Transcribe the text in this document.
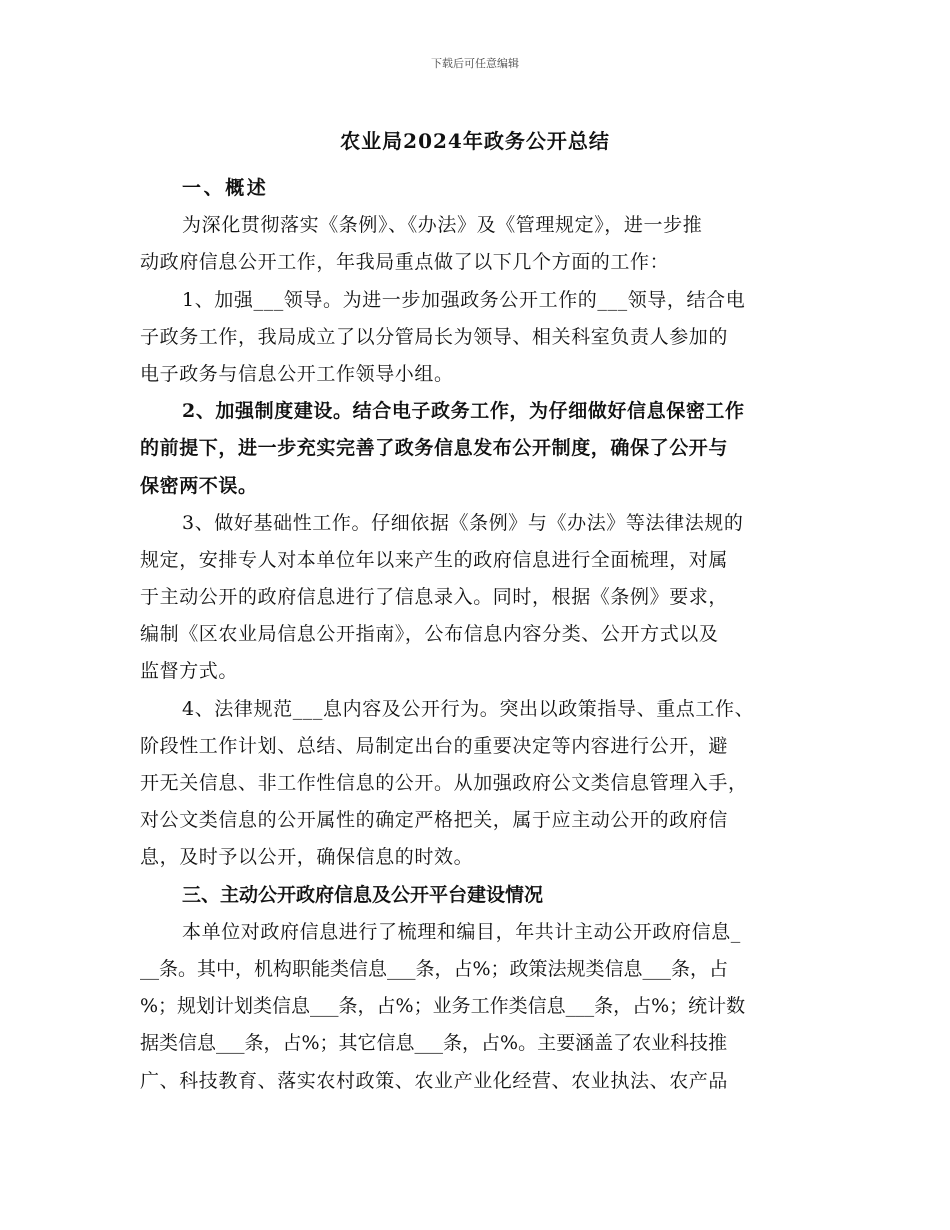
下载后可任意编辑
农业局2024年政务公开总结
一、概述
为深化贯彻落实《条例》、《办法》及《管理规定》，进一步推
动政府信息公开工作，年我局重点做了以下几个方面的工作：
1、加强___领导。为进一步加强政务公开工作的___领导，结合电
子政务工作，我局成立了以分管局长为领导、相关科室负责人参加的
电子政务与信息公开工作领导小组。
2、加强制度建设。结合电子政务工作，为仔细做好信息保密工作
的前提下，进一步充实完善了政务信息发布公开制度，确保了公开与
保密两不误。
3、做好基础性工作。仔细依据《条例》与《办法》等法律法规的
规定，安排专人对本单位年以来产生的政府信息进行全面梳理，对属
于主动公开的政府信息进行了信息录入。同时，根据《条例》要求，
编制《区农业局信息公开指南》，公布信息内容分类、公开方式以及
监督方式。
4、法律规范___息内容及公开行为。突出以政策指导、重点工作、
阶段性工作计划、总结、局制定出台的重要决定等内容进行公开，避
开无关信息、非工作性信息的公开。从加强政府公文类信息管理入手，
对公文类信息的公开属性的确定严格把关，属于应主动公开的政府信
息，及时予以公开，确保信息的时效。
三、主动公开政府信息及公开平台建设情况
本单位对政府信息进行了梳理和编目，年共计主动公开政府信息_
__条。其中，机构职能类信息___条，占%；政策法规类信息___条，占
%；规划计划类信息___条，占%；业务工作类信息___条，占%；统计数
据类信息___条，占%；其它信息___条，占%。主要涵盖了农业科技推
广、科技教育、落实农村政策、农业产业化经营、农业执法、农产品
